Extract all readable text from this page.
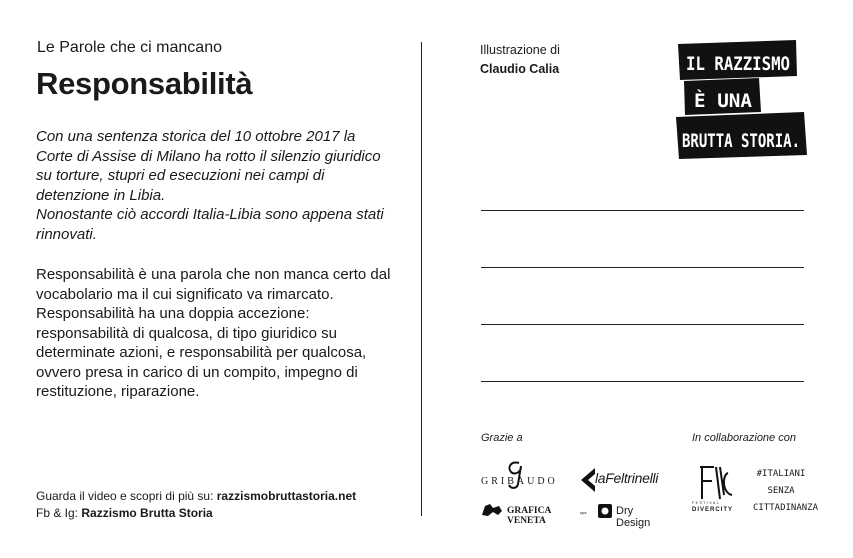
Le Parole che ci mancano
Responsabilità

Con una sentenza storica del 10 ottobre 2017 la Corte di Assise di Milano ha rotto il silenzio giuridico su torture, stupri ed esecuzioni nei campi di detenzione in Libia.

Nonostante ciò accordi Italia-Libia sono appena stati rinnovati.

Responsabilità è una parola che non manca certo dal vocabolario ma il cui significato va rimarcato. Responsabilità ha una doppia accezione: responsabilità di qualcosa, di tipo giuridico su determinate azioni, e responsabilità per qualcosa, ovvero presa in carico di un compito, impegno di restituzione, riparazione.

Guarda il video e scopri di più su: razzismobruttastoria.net
Fb & Ig: Razzismo Brutta Storia
Illustrazione di
Claudio Calia	IL RAZZISMO
È UNA
BRUTTA STORIA.
Grazie a	In collaborazione con
GRIBAUDO	laFeltrinelli
GRAFICA VENETA
spa	Dry Design
FESTIVAL
DIVERCITY
#ITALIANI
SENZA
CITTADINANZA
